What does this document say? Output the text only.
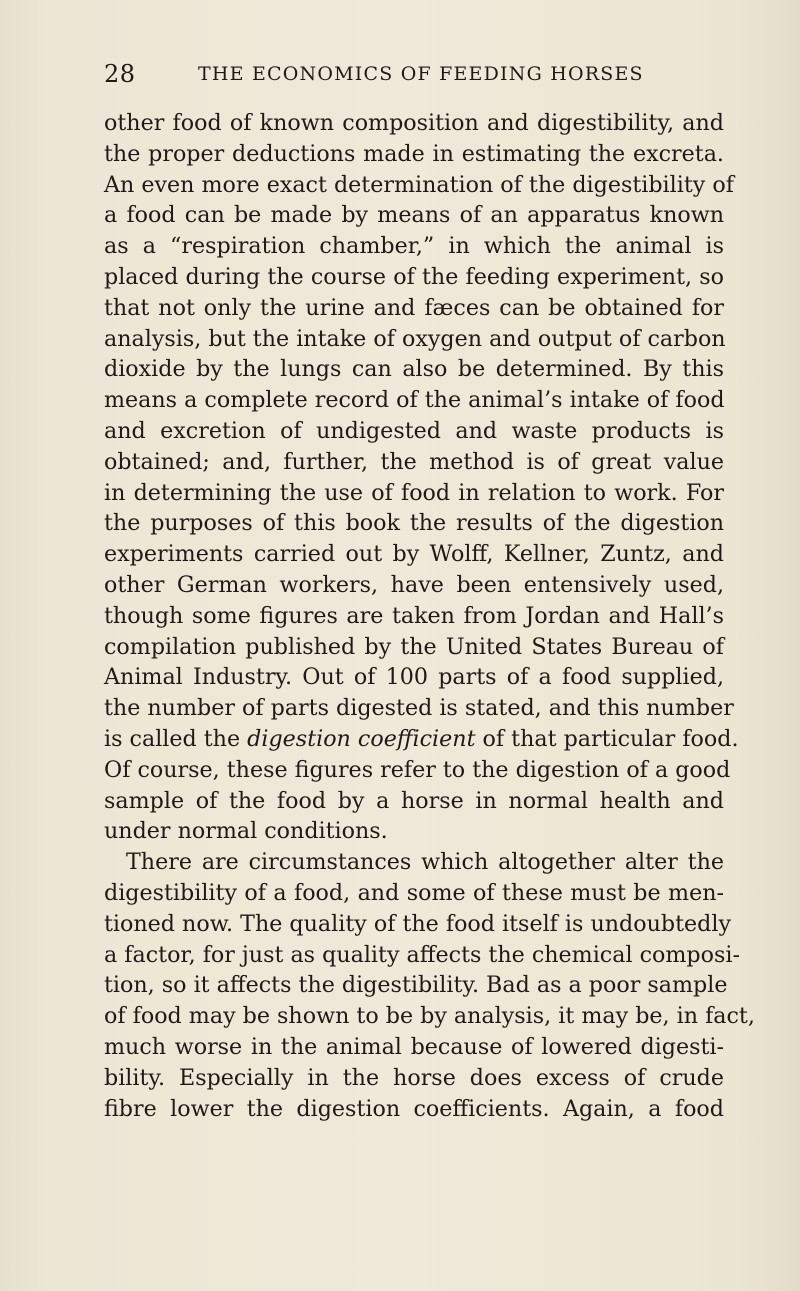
28	THE ECONOMICS OF FEEDING HORSES
other food of known composition and digestibility, and
the proper deductions made in estimating the excreta.
An even more exact determination of the digestibility of
a food can be made by means of an apparatus known
as a “respiration chamber,” in which the animal is
placed during the course of the feeding experiment, so
that not only the urine and fæces can be obtained for
analysis, but the intake of oxygen and output of carbon
dioxide by the lungs can also be determined. By this
means a complete record of the animal’s intake of food
and excretion of undigested and waste products is
obtained; and, further, the method is of great value
in determining the use of food in relation to work. For
the purposes of this book the results of the digestion
experiments carried out by Wolff, Kellner, Zuntz, and
other German workers, have been entensively used,
though some figures are taken from Jordan and Hall’s
compilation published by the United States Bureau of
Animal Industry. Out of 100 parts of a food supplied,
the number of parts digested is stated, and this number
is called the digestion coefficient of that particular food.
Of course, these figures refer to the digestion of a good
sample of the food by a horse in normal health and
under normal conditions.
There are circumstances which altogether alter the
digestibility of a food, and some of these must be men-
tioned now. The quality of the food itself is undoubtedly
a factor, for just as quality affects the chemical composi-
tion, so it affects the digestibility. Bad as a poor sample
of food may be shown to be by analysis, it may be, in fact,
much worse in the animal because of lowered digesti-
bility. Especially in the horse does excess of crude
fibre lower the digestion coefficients. Again, a food
